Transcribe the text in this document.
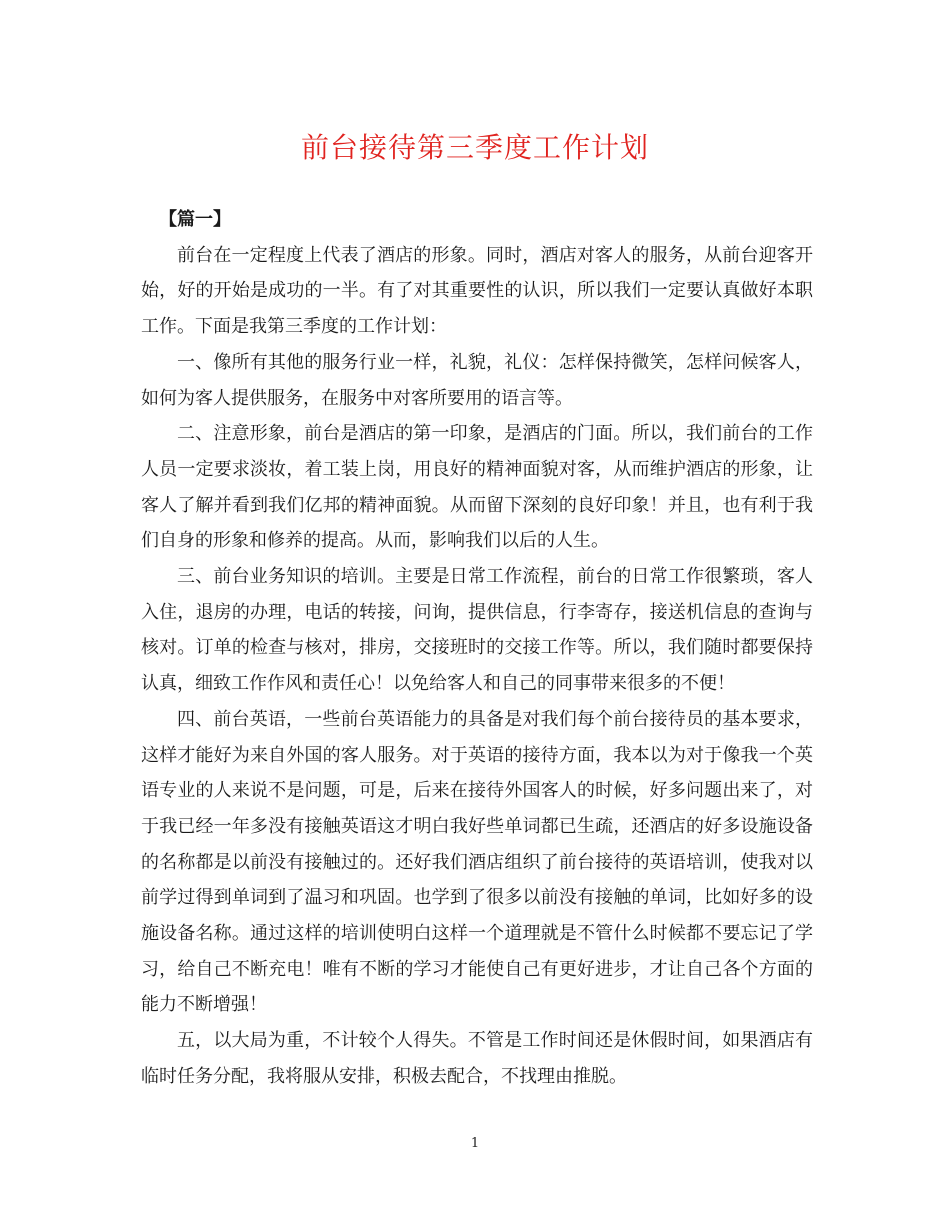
前台接待第三季度工作计划

【篇一】

前台在一定程度上代表了酒店的形象。同时，酒店对客人的服务，从前台迎客开始，好的开始是成功的一半。有了对其重要性的认识，所以我们一定要认真做好本职工作。下面是我第三季度的工作计划：

一、像所有其他的服务行业一样，礼貌，礼仪：怎样保持微笑，怎样问候客人，如何为客人提供服务，在服务中对客所要用的语言等。

二、注意形象，前台是酒店的第一印象，是酒店的门面。所以，我们前台的工作人员一定要求淡妆，着工装上岗，用良好的精神面貌对客，从而维护酒店的形象，让客人了解并看到我们亿邦的精神面貌。从而留下深刻的良好印象！并且，也有利于我们自身的形象和修养的提高。从而，影响我们以后的人生。

三、前台业务知识的培训。主要是日常工作流程，前台的日常工作很繁琐，客人入住，退房的办理，电话的转接，问询，提供信息，行李寄存，接送机信息的查询与核对。订单的检查与核对，排房，交接班时的交接工作等。所以，我们随时都要保持认真，细致工作作风和责任心！以免给客人和自己的同事带来很多的不便！

四、前台英语，一些前台英语能力的具备是对我们每个前台接待员的基本要求，这样才能好为来自外国的客人服务。对于英语的接待方面，我本以为对于像我一个英语专业的人来说不是问题，可是，后来在接待外国客人的时候，好多问题出来了，对于我已经一年多没有接触英语这才明白我好些单词都已生疏，还酒店的好多设施设备的名称都是以前没有接触过的。还好我们酒店组织了前台接待的英语培训，使我对以前学过得到单词到了温习和巩固。也学到了很多以前没有接触的单词，比如好多的设施设备名称。通过这样的培训使明白这样一个道理就是不管什么时候都不要忘记了学习，给自己不断充电！唯有不断的学习才能使自己有更好进步，才让自己各个方面的能力不断增强！

五，以大局为重，不计较个人得失。不管是工作时间还是休假时间，如果酒店有临时任务分配，我将服从安排，积极去配合，不找理由推脱。

1
